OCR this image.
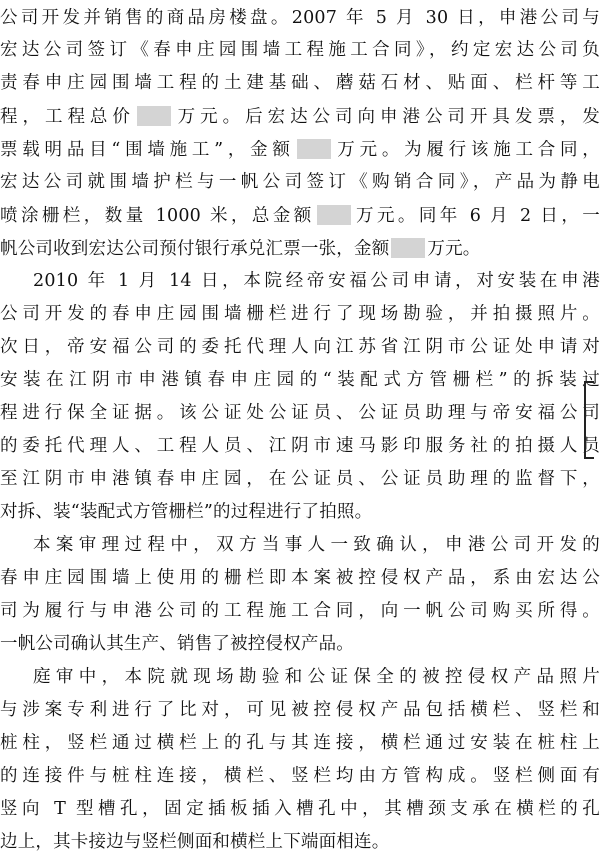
公司开发并销售的商品房楼盘。2007 年 5 月 30 日，申港公司与
宏达公司签订《春申庄园围墙工程施工合同》，约定宏达公司负
责春申庄园围墙工程的土建基础、蘑菇石材、贴面、栏杆等工
程，工程总价 万元。后宏达公司向申港公司开具发票，发
票载明品目“围墙施工”，金额 万元。为履行该施工合同，
宏达公司就围墙护栏与一帆公司签订《购销合同》，产品为静电
喷涂栅栏，数量 1000 米，总金额 万元。同年 6 月 2 日，一
帆公司收到宏达公司预付银行承兑汇票一张，金额 万元。
2010 年 1 月 14 日，本院经帝安福公司申请，对安装在申港
公司开发的春申庄园围墙栅栏进行了现场勘验，并拍摄照片。
次日，帝安福公司的委托代理人向江苏省江阴市公证处申请对
安装在江阴市申港镇春申庄园的“装配式方管栅栏”的拆装过
程进行保全证据。该公证处公证员、公证员助理与帝安福公司
的委托代理人、工程人员、江阴市速马影印服务社的拍摄人员
至江阴市申港镇春申庄园，在公证员、公证员助理的监督下，
对拆、装“装配式方管栅栏”的过程进行了拍照。
本案审理过程中，双方当事人一致确认，申港公司开发的
春申庄园围墙上使用的栅栏即本案被控侵权产品，系由宏达公
司为履行与申港公司的工程施工合同，向一帆公司购买所得。
一帆公司确认其生产、销售了被控侵权产品。
庭审中，本院就现场勘验和公证保全的被控侵权产品照片
与涉案专利进行了比对，可见被控侵权产品包括横栏、竖栏和
桩柱，竖栏通过横栏上的孔与其连接，横栏通过安装在桩柱上
的连接件与桩柱连接，横栏、竖栏均由方管构成。竖栏侧面有
竖向 T 型槽孔，固定插板插入槽孔中，其槽颈支承在横栏的孔
边上，其卡接边与竖栏侧面和横栏上下端面相连。
